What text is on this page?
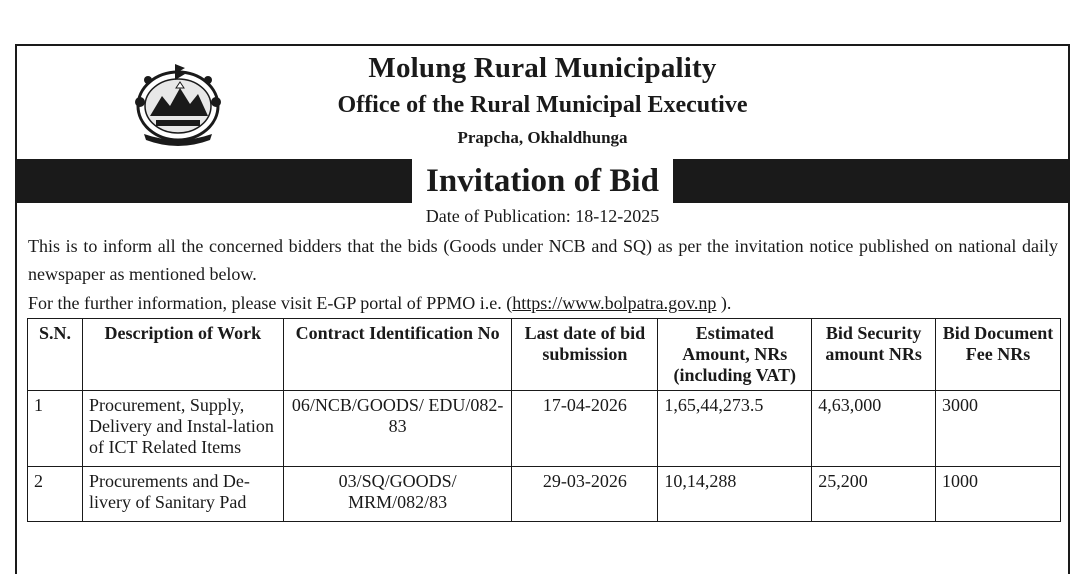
Molung Rural Municipality
Office of the Rural Municipal Executive
Prapcha, Okhaldhunga
Invitation of Bid
Date of Publication: 18-12-2025

This is to inform all the concerned bidders that the bids (Goods under NCB and SQ) as per the invitation notice published on national daily newspaper as mentioned below.

For the further information, please visit E-GP portal of PPMO i.e. (https://www.bolpatra.gov.np ).
S.N.	Description of Work	Contract Identification No	Last date of bid submission	Estimated Amount, NRs (including VAT)	Bid Security amount NRs	Bid Document Fee NRs
1	Procurement, Supply, Delivery and Instal-lation of ICT Related Items	06/NCB/GOODS/ EDU/082-83	17-04-2026	1,65,44,273.5	4,63,000	3000
2	Procurements and De-livery of Sanitary Pad	03/SQ/GOODS/ MRM/082/83	29-03-2026	10,14,288	25,200	1000
